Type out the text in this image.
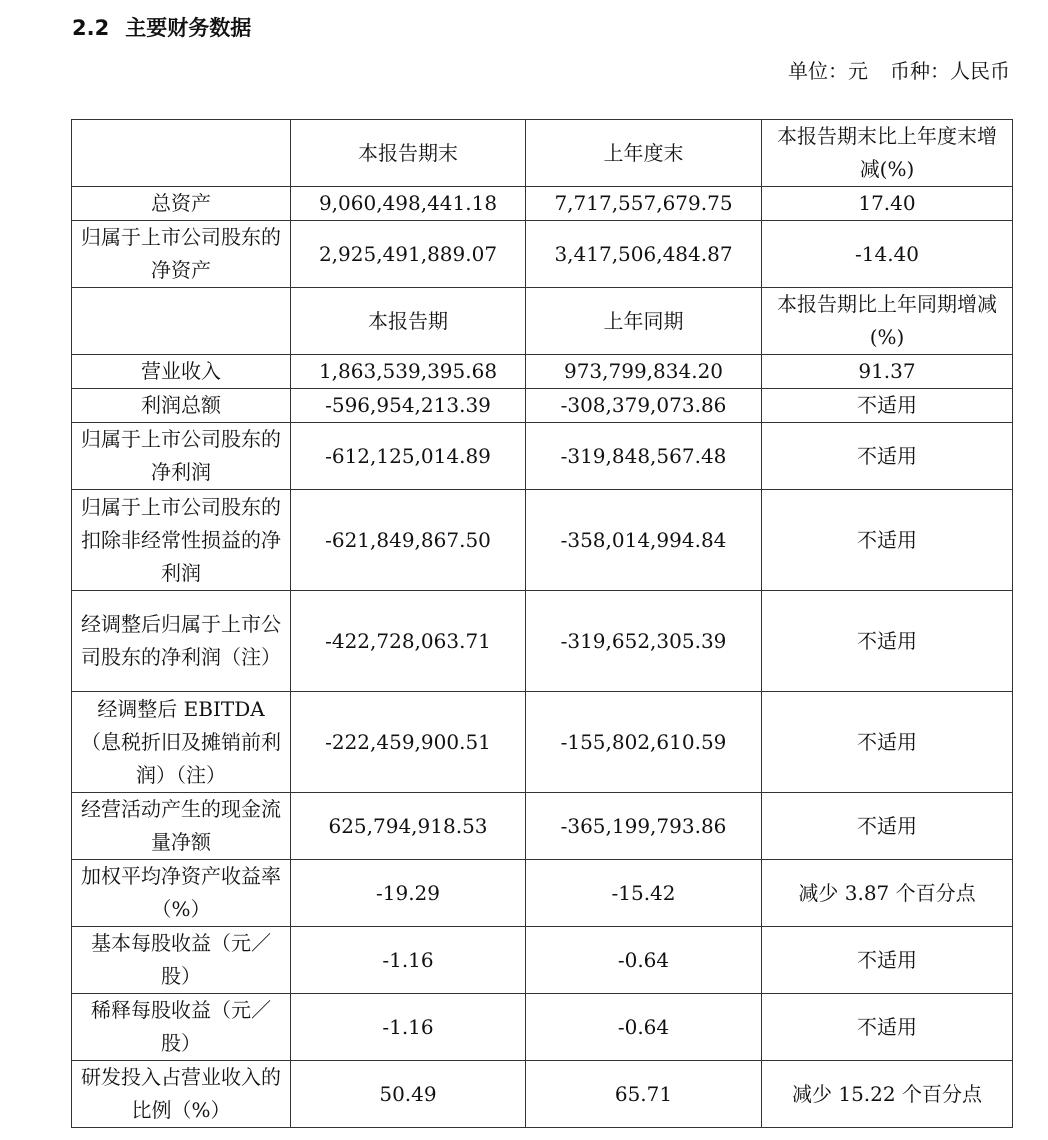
2.2 主要财务数据
单位：元 币种：人民币
	本报告期末	上年度末	本报告期末比上年度末增减(%)
总资产	9,060,498,441.18	7,717,557,679.75	17.40
归属于上市公司股东的净资产	2,925,491,889.07	3,417,506,484.87	-14.40
	本报告期	上年同期	本报告期比上年同期增减(%)
营业收入	1,863,539,395.68	973,799,834.20	91.37
利润总额	-596,954,213.39	-308,379,073.86	不适用
归属于上市公司股东的净利润	-612,125,014.89	-319,848,567.48	不适用
归属于上市公司股东的扣除非经常性损益的净利润	-621,849,867.50	-358,014,994.84	不适用
经调整后归属于上市公司股东的净利润（注）	-422,728,063.71	-319,652,305.39	不适用
经调整后 EBITDA（息税折旧及摊销前利润）（注）	-222,459,900.51	-155,802,610.59	不适用
经营活动产生的现金流量净额	625,794,918.53	-365,199,793.86	不适用
加权平均净资产收益率（%）	-19.29	-15.42	减少 3.87 个百分点
基本每股收益（元／股）	-1.16	-0.64	不适用
稀释每股收益（元／股）	-1.16	-0.64	不适用
研发投入占营业收入的比例（%）	50.49	65.71	减少 15.22 个百分点
